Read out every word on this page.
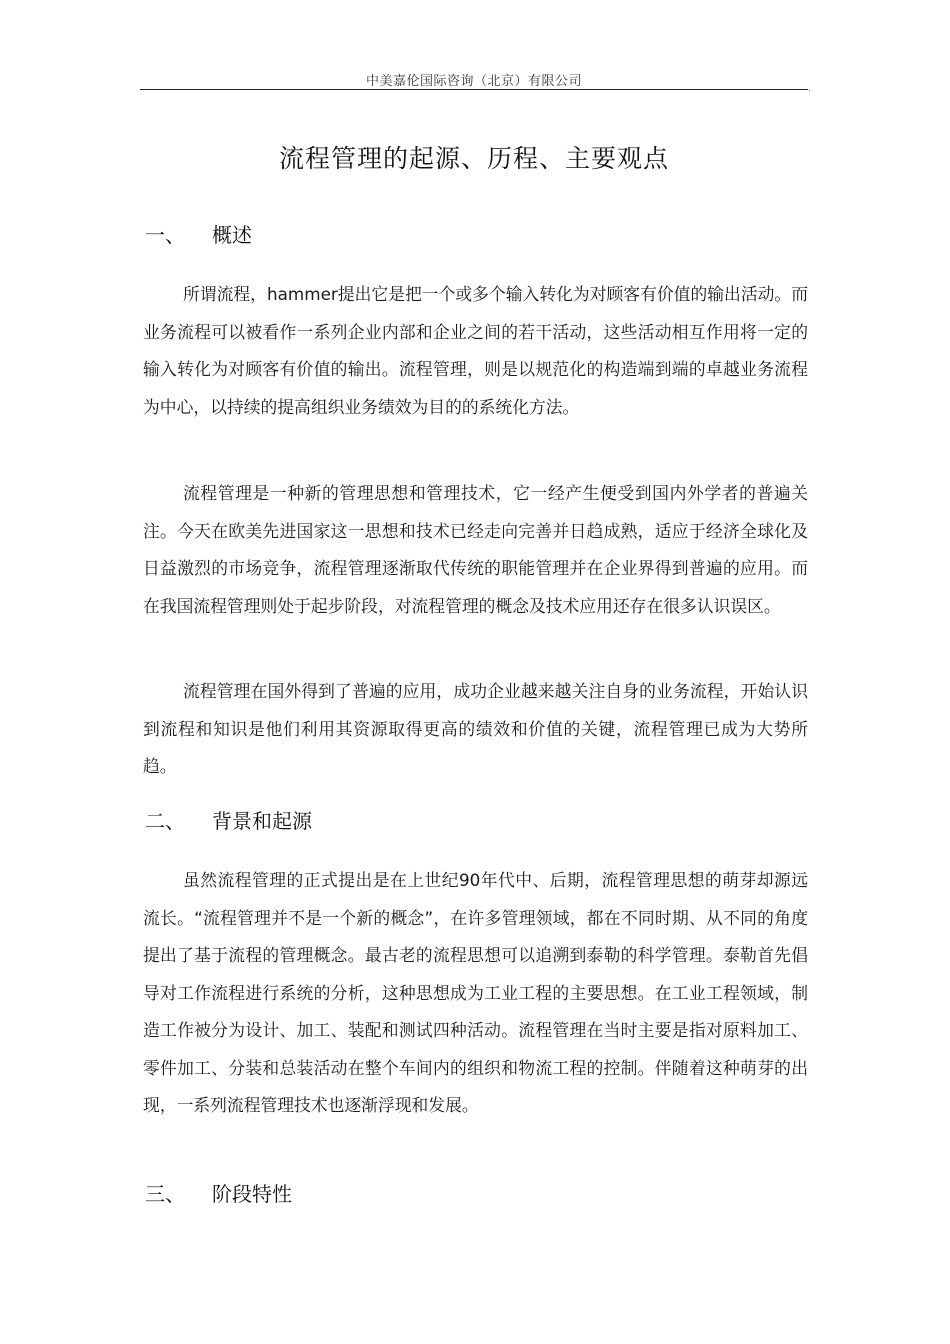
中美嘉伦国际咨询（北京）有限公司	.
流程管理的起源、历程、主要观点
一、 概述

所谓流程，hammer提出它是把一个或多个输入转化为对顾客有价值的输出活动。而业务流程可以被看作一系列企业内部和企业之间的若干活动，这些活动相互作用将一定的输入转化为对顾客有价值的输出。流程管理，则是以规范化的构造端到端的卓越业务流程为中心，以持续的提高组织业务绩效为目的的系统化方法。

流程管理是一种新的管理思想和管理技术，它一经产生便受到国内外学者的普遍关注。今天在欧美先进国家这一思想和技术已经走向完善并日趋成熟，适应于经济全球化及日益激烈的市场竞争，流程管理逐渐取代传统的职能管理并在企业界得到普遍的应用。而在我国流程管理则处于起步阶段，对流程管理的概念及技术应用还存在很多认识误区。

流程管理在国外得到了普遍的应用，成功企业越来越关注自身的业务流程，开始认识到流程和知识是他们利用其资源取得更高的绩效和价值的关键，流程管理已成为大势所趋。

二、 背景和起源

虽然流程管理的正式提出是在上世纪90年代中、后期，流程管理思想的萌芽却源远流长。“流程管理并不是一个新的概念”，在许多管理领域，都在不同时期、从不同的角度提出了基于流程的管理概念。最古老的流程思想可以追溯到泰勒的科学管理。泰勒首先倡导对工作流程进行系统的分析，这种思想成为工业工程的主要思想。在工业工程领域，制造工作被分为设计、加工、装配和测试四种活动。流程管理在当时主要是指对原料加工、零件加工、分装和总装活动在整个车间内的组织和物流工程的控制。伴随着这种萌芽的出现，一系列流程管理技术也逐渐浮现和发展。

三、 阶段特性
